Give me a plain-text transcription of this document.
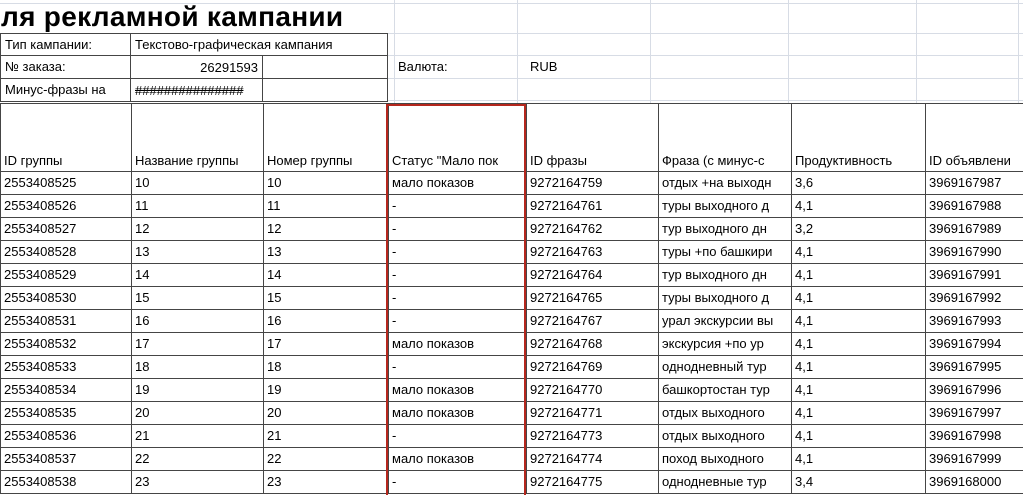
ля рекламной кампании
Тип кампании:	Текстово-графическая кампания
№ заказа:	26291593
Минус-фразы на	###############
Валюта:	RUB
ID группы	Название группы	Номер группы	Статус "Мало пок	ID фразы	Фраза (с минус-с	Продуктивность	ID объявлени
2553408525	10	10	мало показов	9272164759	отдых +на выходн	3,6	3969167987
2553408526	11	11	-	9272164761	туры выходного д	4,1	3969167988
2553408527	12	12	-	9272164762	тур выходного дн	3,2	3969167989
2553408528	13	13	-	9272164763	туры +по башкири	4,1	3969167990
2553408529	14	14	-	9272164764	тур выходного дн	4,1	3969167991
2553408530	15	15	-	9272164765	туры выходного д	4,1	3969167992
2553408531	16	16	-	9272164767	урал экскурсии вы	4,1	3969167993
2553408532	17	17	мало показов	9272164768	экскурсия +по ур	4,1	3969167994
2553408533	18	18	-	9272164769	однодневный тур	4,1	3969167995
2553408534	19	19	мало показов	9272164770	башкортостан тур	4,1	3969167996
2553408535	20	20	мало показов	9272164771	отдых выходного	4,1	3969167997
2553408536	21	21	-	9272164773	отдых выходного	4,1	3969167998
2553408537	22	22	мало показов	9272164774	поход выходного	4,1	3969167999
2553408538	23	23	-	9272164775	однодневные тур	3,4	3969168000
